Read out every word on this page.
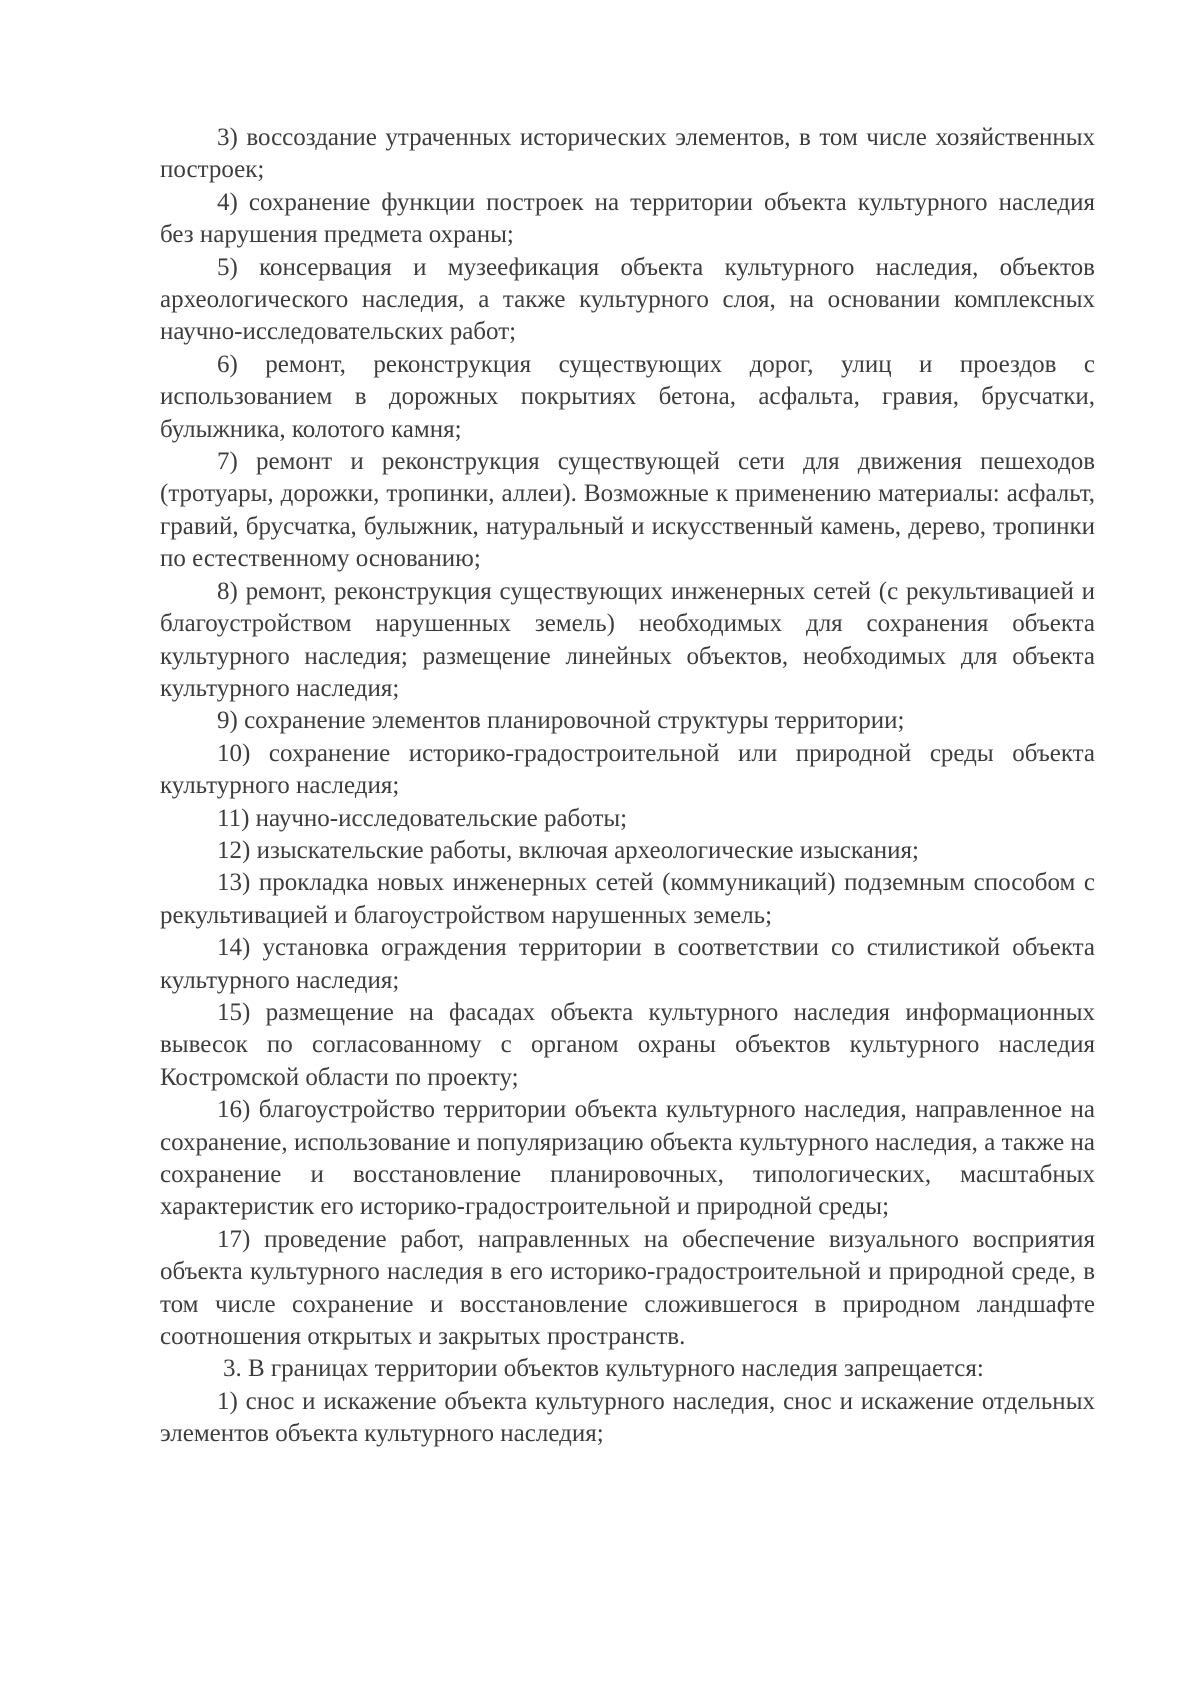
3) воссоздание утраченных исторических элементов, в том числе хозяйственных построек;

4) сохранение функции построек на территории объекта культурного наследия без нарушения предмета охраны;

5) консервация и музеефикация объекта культурного наследия, объектов археологического наследия, а также культурного слоя, на основании комплексных научно-исследовательских работ;

6) ремонт, реконструкция существующих дорог, улиц и проездов с использованием в дорожных покрытиях бетона, асфальта, гравия, брусчатки, булыжника, колотого камня;

7) ремонт и реконструкция существующей сети для движения пешеходов (тротуары, дорожки, тропинки, аллеи). Возможные к применению материалы: асфальт, гравий, брусчатка, булыжник, натуральный и искусственный камень, дерево, тропинки по естественному основанию;

8) ремонт, реконструкция существующих инженерных сетей (с рекультивацией и благоустройством нарушенных земель) необходимых для сохранения объекта культурного наследия; размещение линейных объектов, необходимых для объекта культурного наследия;

9) сохранение элементов планировочной структуры территории;

10) сохранение историко-градостроительной или природной среды объекта культурного наследия;

11) научно-исследовательские работы;

12) изыскательские работы, включая археологические изыскания;

13) прокладка новых инженерных сетей (коммуникаций) подземным способом с рекультивацией и благоустройством нарушенных земель;

14) установка ограждения территории в соответствии со стилистикой объекта культурного наследия;

15) размещение на фасадах объекта культурного наследия информационных вывесок по согласованному с органом охраны объектов культурного наследия Костромской области по проекту;

16) благоустройство территории объекта культурного наследия, направленное на сохранение, использование и популяризацию объекта культурного наследия, а также на сохранение и восстановление планировочных, типологических, масштабных характеристик его историко-градостроительной и природной среды;

17) проведение работ, направленных на обеспечение визуального восприятия объекта культурного наследия в его историко-градостроительной и природной среде, в том числе сохранение и восстановление сложившегося в природном ландшафте соотношения открытых и закрытых пространств.

3. В границах территории объектов культурного наследия запрещается:

1) снос и искажение объекта культурного наследия, снос и искажение отдельных элементов объекта культурного наследия;
